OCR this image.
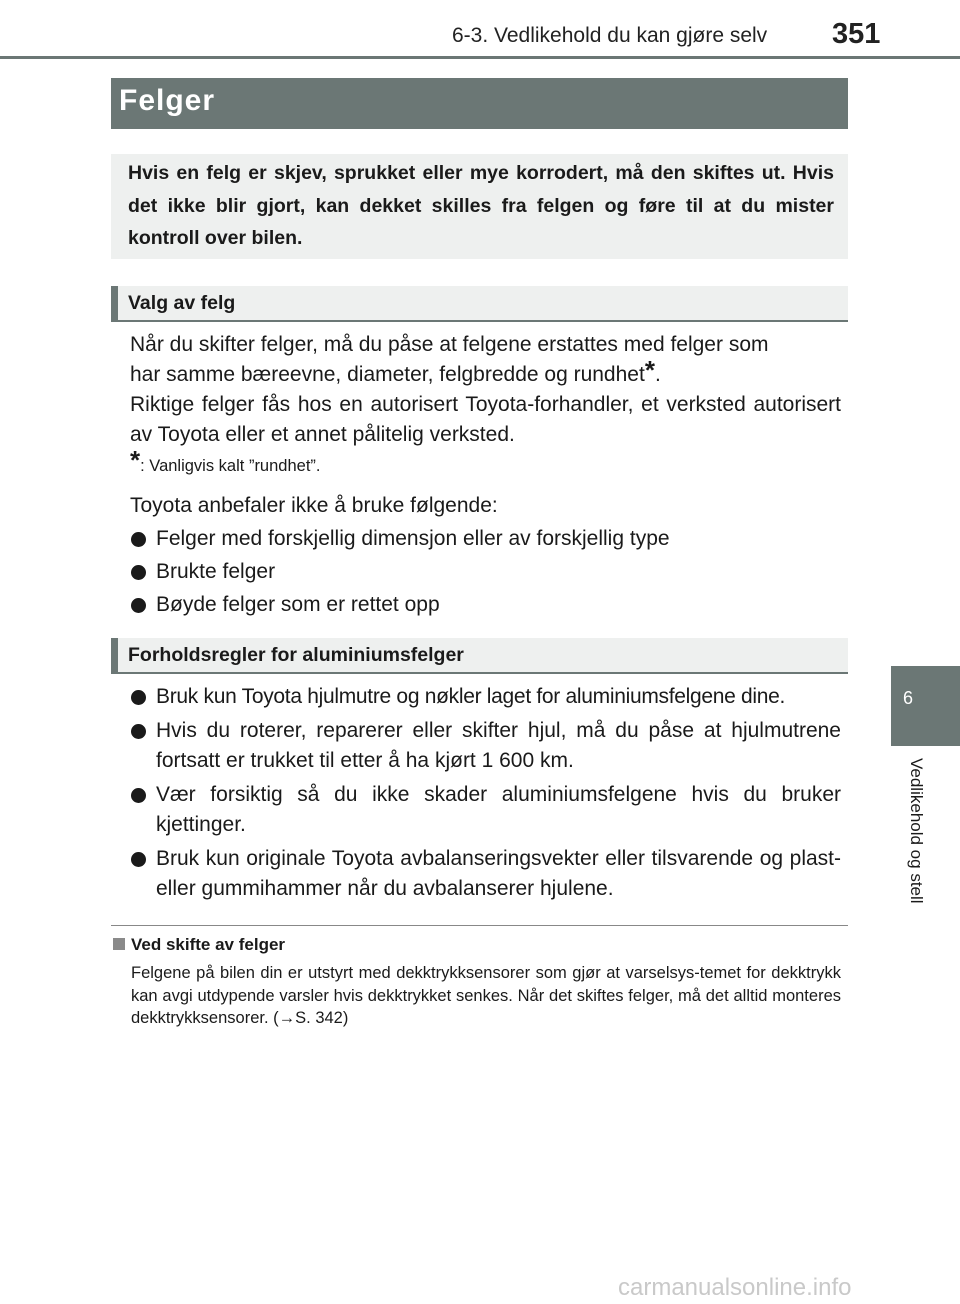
6-3. Vedlikehold du kan gjøre selv 351
Felger
Hvis en felg er skjev, sprukket eller mye korrodert, må den skiftes ut. Hvis det ikke blir gjort, kan dekket skilles fra felgen og føre til at du mister kontroll over bilen.
Valg av felg
Når du skifter felger, må du påse at felgene erstattes med felger som
har samme bæreevne, diameter, felgbredde og rundhet*.
Riktige felger fås hos en autorisert Toyota-forhandler, et verksted autorisert av Toyota eller et annet pålitelig verksted.
*: Vanligvis kalt ”rundhet”.
Toyota anbefaler ikke å bruke følgende:
Felger med forskjellig dimensjon eller av forskjellig type
Brukte felger
Bøyde felger som er rettet opp
Forholdsregler for aluminiumsfelger
Bruk kun Toyota hjulmutre og nøkler laget for aluminiumsfelgene dine.
Hvis du roterer, reparerer eller skifter hjul, må du påse at hjulmutrene fortsatt er trukket til etter å ha kjørt 1 600 km.
Vær forsiktig så du ikke skader aluminiumsfelgene hvis du bruker kjettinger.
Bruk kun originale Toyota avbalanseringsvekter eller tilsvarende og plast- eller gummihammer når du avbalanserer hjulene.
Ved skifte av felger
Felgene på bilen din er utstyrt med dekktrykksensorer som gjør at varselsys-temet for dekktrykk kan avgi utdypende varsler hvis dekktrykket senkes. Når det skiftes felger, må det alltid monteres dekktrykksensorer. (→S. 342)
6
Vedlikehold og stell
carmanualsonline.info
